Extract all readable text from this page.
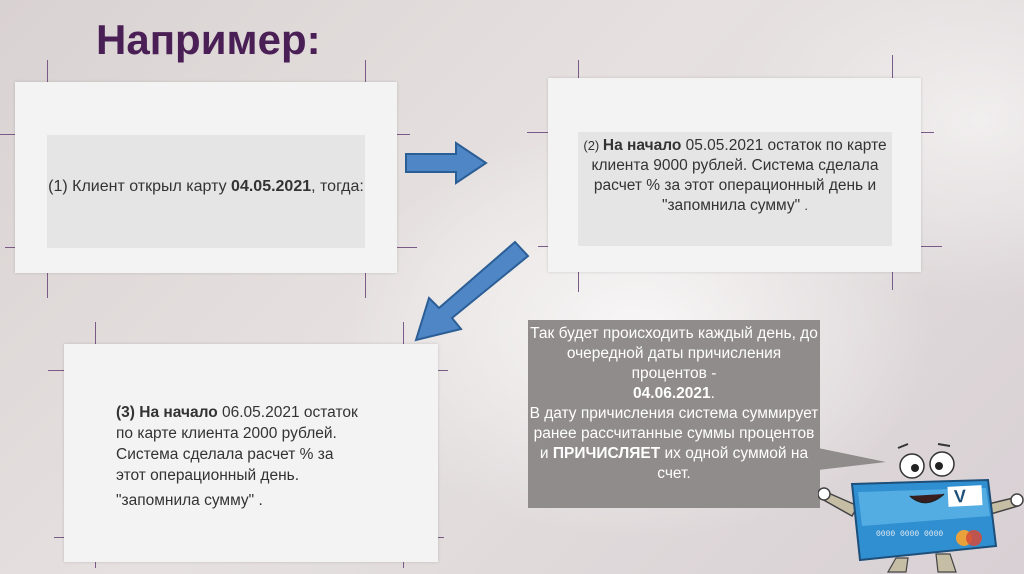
Например:
(1) Клиент открыл карту 04.05.2021, тогда:
(2) На начало 05.05.2021 остаток по карте клиента 9000 рублей. Система сделала расчет % за этот операционный день и "запомнила сумму" .
(3) На начало 06.05.2021 остаток
по карте клиента 2000 рублей.
Система сделала расчет % за
этот операционный день.
"запомнила сумму" .
Так будет происходить каждый день, до очередной даты причисления процентов -
04.06.2021.
В дату причисления система суммирует ранее рассчитанные суммы процентов
и ПРИЧИСЛЯЕТ их одной суммой на счет.
V
0000 0000 0000
